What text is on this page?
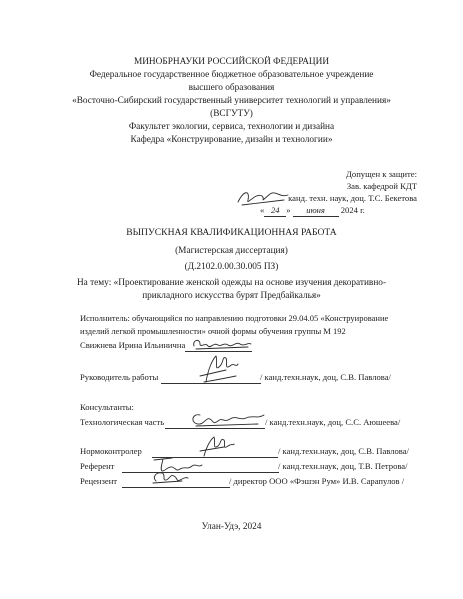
МИНОБРНАУКИ РОССИЙСКОЙ ФЕДЕРАЦИИ
Федеральное государственное бюджетное образовательное учреждение
высшего образования
«Восточно-Сибирский государственный университет технологий и управления»
(ВСГУТУ)
Факультет экологии, сервиса, технологии и дизайна
Кафедра «Конструирование, дизайн и технологии»
Допущен к защите:
Зав. кафедрой КДТ
канд. техн. наук, доц. Т.С. Бекетова
« 24 » июня 2024 г.
ВЫПУСКНАЯ КВАЛИФИКАЦИОННАЯ РАБОТА
(Магистерская диссертация)
(Д.2102.0.00.30.005 ПЗ)
На тему: «Проектирование женской одежды на основе изучения декоративно-
прикладного искусства бурят Предбайкалья»
Исполнитель: обучающийся по направлению подготовки 29.04.05 «Конструирование
изделий легкой промышленности» очной формы обучения группы М 192
Свижнева Ирина Ильинична
Руководитель работы	/ канд.техн.наук, доц, С.В. Павлова/
Консультанты:
Технологическая часть	/ канд.техн.наук, доц, С.С. Аюшеева/
Нормоконтролер	/ канд.техн.наук, доц, С.В. Павлова/
Референт	/ канд.техн.наук, доц, Т.В. Петрова/
Рецензент	/ директор ООО «Фэшэн Рум» И.В. Сарапулов /
Улан-Удэ, 2024
